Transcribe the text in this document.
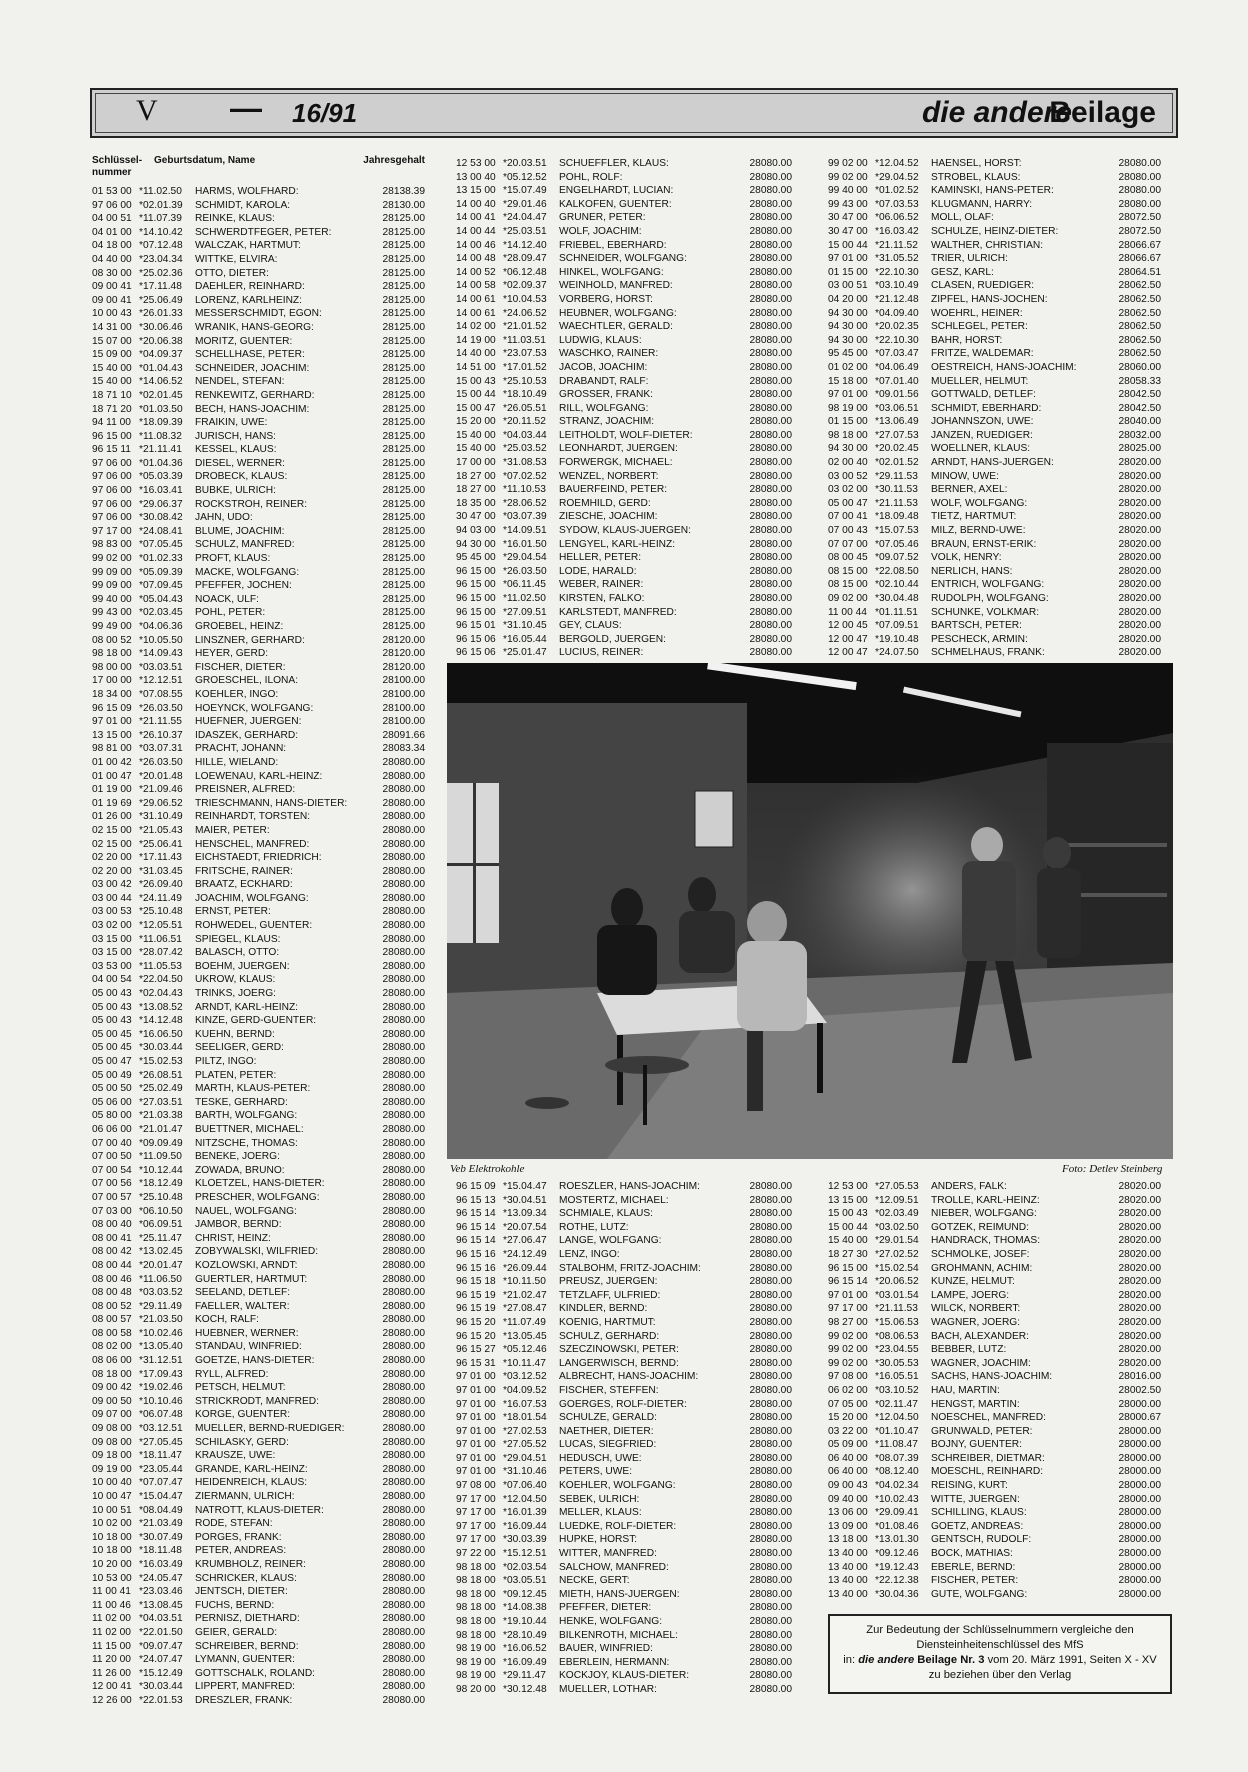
V — 16/91	die andere
Beilage
Schlüssel-
nummer
Geburtsdatum, Name	Jahresgehalt
01 53 00 *11.02.50 HARMS, WOLFHARD:	28138.39
97 06 00 *02.01.39 SCHMIDT, KAROLA:	28130.00
04 00 51 *11.07.39 REINKE, KLAUS:	28125.00
04 01 00 *14.10.42 SCHWERDTFEGER, PETER:	28125.00
04 18 00 *07.12.48 WALCZAK, HARTMUT:	28125.00
04 40 00 *23.04.34 WITTKE, ELVIRA:	28125.00
08 30 00 *25.02.36 OTTO, DIETER:	28125.00
09 00 41 *17.11.48 DAEHLER, REINHARD:	28125.00
09 00 41 *25.06.49 LORENZ, KARLHEINZ:	28125.00
10 00 43 *26.01.33 MESSERSCHMIDT, EGON:	28125.00
14 31 00 *30.06.46 WRANIK, HANS-GEORG:	28125.00
15 07 00 *20.06.38 MORITZ, GUENTER:	28125.00
15 09 00 *04.09.37 SCHELLHASE, PETER:	28125.00
15 40 00 *01.04.43 SCHNEIDER, JOACHIM:	28125.00
15 40 00 *14.06.52 NENDEL, STEFAN:	28125.00
18 71 10 *02.01.45 RENKEWITZ, GERHARD:	28125.00
18 71 20 *01.03.50 BECH, HANS-JOACHIM:	28125.00
94 11 00 *18.09.39 FRAIKIN, UWE:	28125.00
96 15 00 *11.08.32 JURISCH, HANS:	28125.00
96 15 11 *21.11.41 KESSEL, KLAUS:	28125.00
97 06 00 *01.04.36 DIESEL, WERNER:	28125.00
97 06 00 *05.03.39 DROBECK, KLAUS:	28125.00
97 06 00 *16.03.41 BUBKE, ULRICH:	28125.00
97 06 00 *29.06.37 ROCKSTROH, REINER:	28125.00
97 06 00 *30.08.42 JAHN, UDO:	28125.00
97 17 00 *24.08.41 BLUME, JOACHIM:	28125.00
98 83 00 *07.05.45 SCHULZ, MANFRED:	28125.00
99 02 00 *01.02.33 PROFT, KLAUS:	28125.00
99 09 00 *05.09.39 MACKE, WOLFGANG:	28125.00
99 09 00 *07.09.45 PFEFFER, JOCHEN:	28125.00
99 40 00 *05.04.43 NOACK, ULF:	28125.00
99 43 00 *02.03.45 POHL, PETER:	28125.00
99 49 00 *04.06.36 GROEBEL, HEINZ:	28125.00
08 00 52 *10.05.50 LINSZNER, GERHARD:	28120.00
98 18 00 *14.09.43 HEYER, GERD:	28120.00
98 00 00 *03.03.51 FISCHER, DIETER:	28120.00
17 00 00 *12.12.51 GROESCHEL, ILONA:	28100.00
18 34 00 *07.08.55 KOEHLER, INGO:	28100.00
96 15 09 *26.03.50 HOEYNCK, WOLFGANG:	28100.00
97 01 00 *21.11.55 HUEFNER, JUERGEN:	28100.00
13 15 00 *26.10.37 IDASZEK, GERHARD:	28091.66
98 81 00 *03.07.31 PRACHT, JOHANN:	28083.34
01 00 42 *26.03.50 HILLE, WIELAND:	28080.00
01 00 47 *20.01.48 LOEWENAU, KARL-HEINZ:	28080.00
01 19 00 *21.09.46 PREISNER, ALFRED:	28080.00
01 19 69 *29.06.52 TRIESCHMANN, HANS-DIETER:	28080.00
01 26 00 *31.10.49 REINHARDT, TORSTEN:	28080.00
02 15 00 *21.05.43 MAIER, PETER:	28080.00
02 15 00 *25.06.41 HENSCHEL, MANFRED:	28080.00
02 20 00 *17.11.43 EICHSTAEDT, FRIEDRICH:	28080.00
02 20 00 *31.03.45 FRITSCHE, RAINER:	28080.00
03 00 42 *26.09.40 BRAATZ, ECKHARD:	28080.00
03 00 44 *24.11.49 JOACHIM, WOLFGANG:	28080.00
03 00 53 *25.10.48 ERNST, PETER:	28080.00
03 02 00 *12.05.51 ROHWEDEL, GUENTER:	28080.00
03 15 00 *11.06.51 SPIEGEL, KLAUS:	28080.00
03 15 00 *28.07.42 BALASCH, OTTO:	28080.00
03 53 00 *11.05.53 BOEHM, JUERGEN:	28080.00
04 00 54 *22.04.50 UKROW, KLAUS:	28080.00
05 00 43 *02.04.43 TRINKS, JOERG:	28080.00
05 00 43 *13.08.52 ARNDT, KARL-HEINZ:	28080.00
05 00 43 *14.12.48 KINZE, GERD-GUENTER:	28080.00
05 00 45 *16.06.50 KUEHN, BERND:	28080.00
05 00 45 *30.03.44 SEELIGER, GERD:	28080.00
05 00 47 *15.02.53 PILTZ, INGO:	28080.00
05 00 49 *26.08.51 PLATEN, PETER:	28080.00
05 00 50 *25.02.49 MARTH, KLAUS-PETER:	28080.00
05 06 00 *27.03.51 TESKE, GERHARD:	28080.00
05 80 00 *21.03.38 BARTH, WOLFGANG:	28080.00
06 06 00 *21.01.47 BUETTNER, MICHAEL:	28080.00
07 00 40 *09.09.49 NITZSCHE, THOMAS:	28080.00
07 00 50 *11.09.50 BENEKE, JOERG:	28080.00
07 00 54 *10.12.44 ZOWADA, BRUNO:	28080.00
07 00 56 *18.12.49 KLOETZEL, HANS-DIETER:	28080.00
07 00 57 *25.10.48 PRESCHER, WOLFGANG:	28080.00
07 03 00 *06.10.50 NAUEL, WOLFGANG:	28080.00
08 00 40 *06.09.51 JAMBOR, BERND:	28080.00
08 00 41 *25.11.47 CHRIST, HEINZ:	28080.00
08 00 42 *13.02.45 ZOBYWALSKI, WILFRIED:	28080.00
08 00 44 *20.01.47 KOZLOWSKI, ARNDT:	28080.00
08 00 46 *11.06.50 GUERTLER, HARTMUT:	28080.00
08 00 48 *03.03.52 SEELAND, DETLEF:	28080.00
08 00 52 *29.11.49 FAELLER, WALTER:	28080.00
08 00 57 *21.03.50 KOCH, RALF:	28080.00
08 00 58 *10.02.46 HUEBNER, WERNER:	28080.00
08 02 00 *13.05.40 STANDAU, WINFRIED:	28080.00
08 06 00 *31.12.51 GOETZE, HANS-DIETER:	28080.00
08 18 00 *17.09.43 RYLL, ALFRED:	28080.00
09 00 42 *19.02.46 PETSCH, HELMUT:	28080.00
09 00 50 *10.10.46 STRICKRODT, MANFRED:	28080.00
09 07 00 *06.07.48 KORGE, GUENTER:	28080.00
09 08 00 *03.12.51 MUELLER, BERND-RUEDIGER:	28080.00
09 08 00 *27.05.45 SCHILASKY, GERD:	28080.00
09 18 00 *18.11.47 KRAUSZE, UWE:	28080.00
09 19 00 *23.05.44 GRANDE, KARL-HEINZ:	28080.00
10 00 40 *07.07.47 HEIDENREICH, KLAUS:	28080.00
10 00 47 *15.04.47 ZIERMANN, ULRICH:	28080.00
10 00 51 *08.04.49 NATROTT, KLAUS-DIETER:	28080.00
10 02 00 *21.03.49 RODE, STEFAN:	28080.00
10 18 00 *30.07.49 PORGES, FRANK:	28080.00
10 18 00 *18.11.48 PETER, ANDREAS:	28080.00
10 20 00 *16.03.49 KRUMBHOLZ, REINER:	28080.00
10 53 00 *24.05.47 SCHRICKER, KLAUS:	28080.00
11 00 41 *23.03.46 JENTSCH, DIETER:	28080.00
11 00 46 *13.08.45 FUCHS, BERND:	28080.00
11 02 00 *04.03.51 PERNISZ, DIETHARD:	28080.00
11 02 00 *22.01.50 GEIER, GERALD:	28080.00
11 15 00 *09.07.47 SCHREIBER, BERND:	28080.00
11 20 00 *24.07.47 LYMANN, GUENTER:	28080.00
11 26 00 *15.12.49 GOTTSCHALK, ROLAND:	28080.00
12 00 41 *30.03.44 LIPPERT, MANFRED:	28080.00
12 26 00 *22.01.53 DRESZLER, FRANK:	28080.00
12 53 00 *20.03.51 SCHUEFFLER, KLAUS:	28080.00
13 00 40 *05.12.52 POHL, ROLF:	28080.00
13 15 00 *15.07.49 ENGELHARDT, LUCIAN:	28080.00
14 00 40 *29.01.46 KALKOFEN, GUENTER:	28080.00
14 00 41 *24.04.47 GRUNER, PETER:	28080.00
14 00 44 *25.03.51 WOLF, JOACHIM:	28080.00
14 00 46 *14.12.40 FRIEBEL, EBERHARD:	28080.00
14 00 48 *28.09.47 SCHNEIDER, WOLFGANG:	28080.00
14 00 52 *06.12.48 HINKEL, WOLFGANG:	28080.00
14 00 58 *02.09.37 WEINHOLD, MANFRED:	28080.00
14 00 61 *10.04.53 VORBERG, HORST:	28080.00
14 00 61 *24.06.52 HEUBNER, WOLFGANG:	28080.00
14 02 00 *21.01.52 WAECHTLER, GERALD:	28080.00
14 19 00 *11.03.51 LUDWIG, KLAUS:	28080.00
14 40 00 *23.07.53 WASCHKO, RAINER:	28080.00
14 51 00 *17.01.52 JACOB, JOACHIM:	28080.00
15 00 43 *25.10.53 DRABANDT, RALF:	28080.00
15 00 44 *18.10.49 GROSSER, FRANK:	28080.00
15 00 47 *26.05.51 RILL, WOLFGANG:	28080.00
15 20 00 *20.11.52 STRANZ, JOACHIM:	28080.00
15 40 00 *04.03.44 LEITHOLDT, WOLF-DIETER:	28080.00
15 40 00 *25.03.52 LEONHARDT, JUERGEN:	28080.00
17 00 00 *31.08.53 FORWERGK, MICHAEL:	28080.00
18 27 00 *07.02.52 WENZEL, NORBERT:	28080.00
18 27 00 *11.10.53 BAUERFEIND, PETER:	28080.00
18 35 00 *28.06.52 ROEMHILD, GERD:	28080.00
30 47 00 *03.07.39 ZIESCHE, JOACHIM:	28080.00
94 03 00 *14.09.51 SYDOW, KLAUS-JUERGEN:	28080.00
94 30 00 *16.01.50 LENGYEL, KARL-HEINZ:	28080.00
95 45 00 *29.04.54 HELLER, PETER:	28080.00
96 15 00 *26.03.50 LODE, HARALD:	28080.00
96 15 00 *06.11.45 WEBER, RAINER:	28080.00
96 15 00 *11.02.50 KIRSTEN, FALKO:	28080.00
96 15 00 *27.09.51 KARLSTEDT, MANFRED:	28080.00
96 15 01 *31.10.45 GEY, CLAUS:	28080.00
96 15 06 *16.05.44 BERGOLD, JUERGEN:	28080.00
96 15 06 *25.01.47 LUCIUS, REINER:	28080.00
99 02 00 *12.04.52 HAENSEL, HORST:	28080.00
99 02 00 *29.04.52 STROBEL, KLAUS:	28080.00
99 40 00 *01.02.52 KAMINSKI, HANS-PETER:	28080.00
99 43 00 *07.03.53 KLUGMANN, HARRY:	28080.00
30 47 00 *06.06.52 MOLL, OLAF:	28072.50
30 47 00 *16.03.42 SCHULZE, HEINZ-DIETER:	28072.50
15 00 44 *21.11.52 WALTHER, CHRISTIAN:	28066.67
97 01 00 *31.05.52 TRIER, ULRICH:	28066.67
01 15 00 *22.10.30 GESZ, KARL:	28064.51
03 00 51 *03.10.49 CLASEN, RUEDIGER:	28062.50
04 20 00 *21.12.48 ZIPFEL, HANS-JOCHEN:	28062.50
94 30 00 *04.09.40 WOEHRL, HEINER:	28062.50
94 30 00 *20.02.35 SCHLEGEL, PETER:	28062.50
94 30 00 *22.10.30 BAHR, HORST:	28062.50
95 45 00 *07.03.47 FRITZE, WALDEMAR:	28062.50
01 02 00 *04.06.49 OESTREICH, HANS-JOACHIM:	28060.00
15 18 00 *07.01.40 MUELLER, HELMUT:	28058.33
97 01 00 *09.01.56 GOTTWALD, DETLEF:	28042.50
98 19 00 *03.06.51 SCHMIDT, EBERHARD:	28042.50
01 15 00 *13.06.49 JOHANNSZON, UWE:	28040.00
98 18 00 *27.07.53 JANZEN, RUEDIGER:	28032.00
94 30 00 *20.02.45 WOELLNER, KLAUS:	28025.00
02 00 40 *02.01.52 ARNDT, HANS-JUERGEN:	28020.00
03 00 52 *29.11.53 MINOW, UWE:	28020.00
03 02 00 *30.11.53 BERNER, AXEL:	28020.00
05 00 47 *21.11.53 WOLF, WOLFGANG:	28020.00
07 00 41 *18.09.48 TIETZ, HARTMUT:	28020.00
07 00 43 *15.07.53 MILZ, BERND-UWE:	28020.00
07 07 00 *07.05.46 BRAUN, ERNST-ERIK:	28020.00
08 00 45 *09.07.52 VOLK, HENRY:	28020.00
08 15 00 *22.08.50 NERLICH, HANS:	28020.00
08 15 00 *02.10.44 ENTRICH, WOLFGANG:	28020.00
09 02 00 *30.04.48 RUDOLPH, WOLFGANG:	28020.00
11 00 44 *01.11.51 SCHUNKE, VOLKMAR:	28020.00
12 00 45 *07.09.51 BARTSCH, PETER:	28020.00
12 00 47 *19.10.48 PESCHECK, ARMIN:	28020.00
12 00 47 *24.07.50 SCHMELHAUS, FRANK:	28020.00
Veb Elektrokohle	Foto: Detlev Steinberg
96 15 09 *15.04.47 ROESZLER, HANS-JOACHIM:	28080.00
96 15 13 *30.04.51 MOSTERTZ, MICHAEL:	28080.00
96 15 14 *13.09.34 SCHMIALE, KLAUS:	28080.00
96 15 14 *20.07.54 ROTHE, LUTZ:	28080.00
96 15 14 *27.06.47 LANGE, WOLFGANG:	28080.00
96 15 16 *24.12.49 LENZ, INGO:	28080.00
96 15 16 *26.09.44 STALBOHM, FRITZ-JOACHIM:	28080.00
96 15 18 *10.11.50 PREUSZ, JUERGEN:	28080.00
96 15 19 *21.02.47 TETZLAFF, ULFRIED:	28080.00
96 15 19 *27.08.47 KINDLER, BERND:	28080.00
96 15 20 *11.07.49 KOENIG, HARTMUT:	28080.00
96 15 20 *13.05.45 SCHULZ, GERHARD:	28080.00
96 15 27 *05.12.46 SZECZINOWSKI, PETER:	28080.00
96 15 31 *10.11.47 LANGERWISCH, BERND:	28080.00
97 01 00 *03.12.52 ALBRECHT, HANS-JOACHIM:	28080.00
97 01 00 *04.09.52 FISCHER, STEFFEN:	28080.00
97 01 00 *16.07.53 GOERGES, ROLF-DIETER:	28080.00
97 01 00 *18.01.54 SCHULZE, GERALD:	28080.00
97 01 00 *27.02.53 NAETHER, DIETER:	28080.00
97 01 00 *27.05.52 LUCAS, SIEGFRIED:	28080.00
97 01 00 *29.04.51 HEDUSCH, UWE:	28080.00
97 01 00 *31.10.46 PETERS, UWE:	28080.00
97 08 00 *07.06.40 KOEHLER, WOLFGANG:	28080.00
97 17 00 *12.04.50 SEBEK, ULRICH:	28080.00
97 17 00 *16.01.39 MELLER, KLAUS:	28080.00
97 17 00 *16.09.44 LUEDKE, ROLF-DIETER:	28080.00
97 17 00 *30.03.39 HUPKE, HORST:	28080.00
97 22 00 *15.12.51 WITTER, MANFRED:	28080.00
98 18 00 *02.03.54 SALCHOW, MANFRED:	28080.00
98 18 00 *03.05.51 NECKE, GERT:	28080.00
98 18 00 *09.12.45 MIETH, HANS-JUERGEN:	28080.00
98 18 00 *14.08.38 PFEFFER, DIETER:	28080.00
98 18 00 *19.10.44 HENKE, WOLFGANG:	28080.00
98 18 00 *28.10.49 BILKENROTH, MICHAEL:	28080.00
98 19 00 *16.06.52 BAUER, WINFRIED:	28080.00
98 19 00 *16.09.49 EBERLEIN, HERMANN:	28080.00
98 19 00 *29.11.47 KOCKJOY, KLAUS-DIETER:	28080.00
98 20 00 *30.12.48 MUELLER, LOTHAR:	28080.00
12 53 00 *27.05.53 ANDERS, FALK:	28020.00
13 15 00 *12.09.51 TROLLE, KARL-HEINZ:	28020.00
15 00 43 *02.03.49 NIEBER, WOLFGANG:	28020.00
15 00 44 *03.02.50 GOTZEK, REIMUND:	28020.00
15 40 00 *29.01.54 HANDRACK, THOMAS:	28020.00
18 27 30 *27.02.52 SCHMOLKE, JOSEF:	28020.00
96 15 00 *15.02.54 GROHMANN, ACHIM:	28020.00
96 15 14 *20.06.52 KUNZE, HELMUT:	28020.00
97 01 00 *03.01.54 LAMPE, JOERG:	28020.00
97 17 00 *21.11.53 WILCK, NORBERT:	28020.00
98 27 00 *15.06.53 WAGNER, JOERG:	28020.00
99 02 00 *08.06.53 BACH, ALEXANDER:	28020.00
99 02 00 *23.04.55 BEBBER, LUTZ:	28020.00
99 02 00 *30.05.53 WAGNER, JOACHIM:	28020.00
97 08 00 *16.05.51 SACHS, HANS-JOACHIM:	28016.00
06 02 00 *03.10.52 HAU, MARTIN:	28002.50
07 05 00 *02.11.47 HENGST, MARTIN:	28000.00
15 20 00 *12.04.50 NOESCHEL, MANFRED:	28000.67
03 22 00 *01.10.47 GRUNWALD, PETER:	28000.00
05 09 00 *11.08.47 BOJNY, GUENTER:	28000.00
06 40 00 *08.07.39 SCHREIBER, DIETMAR:	28000.00
06 40 00 *08.12.40 MOESCHL, REINHARD:	28000.00
09 00 43 *04.02.34 REISING, KURT:	28000.00
09 40 00 *10.02.43 WITTE, JUERGEN:	28000.00
13 06 00 *29.09.41 SCHILLING, KLAUS:	28000.00
13 09 00 *01.08.46 GOETZ, ANDREAS:	28000.00
13 18 00 *13.01.30 GENTSCH, RUDOLF:	28000.00
13 40 00 *09.12.46 BOCK, MATHIAS:	28000.00
13 40 00 *19.12.43 EBERLE, BERND:	28000.00
13 40 00 *22.12.38 FISCHER, PETER:	28000.00
13 40 00 *30.04.36 GUTE, WOLFGANG:	28000.00
Zur Bedeutung der Schlüsselnummern vergleiche den
Diensteinheitenschlüssel des MfS
in: die andere Beilage Nr. 3 vom 20. März 1991, Seiten X - XV
zu beziehen über den Verlag
